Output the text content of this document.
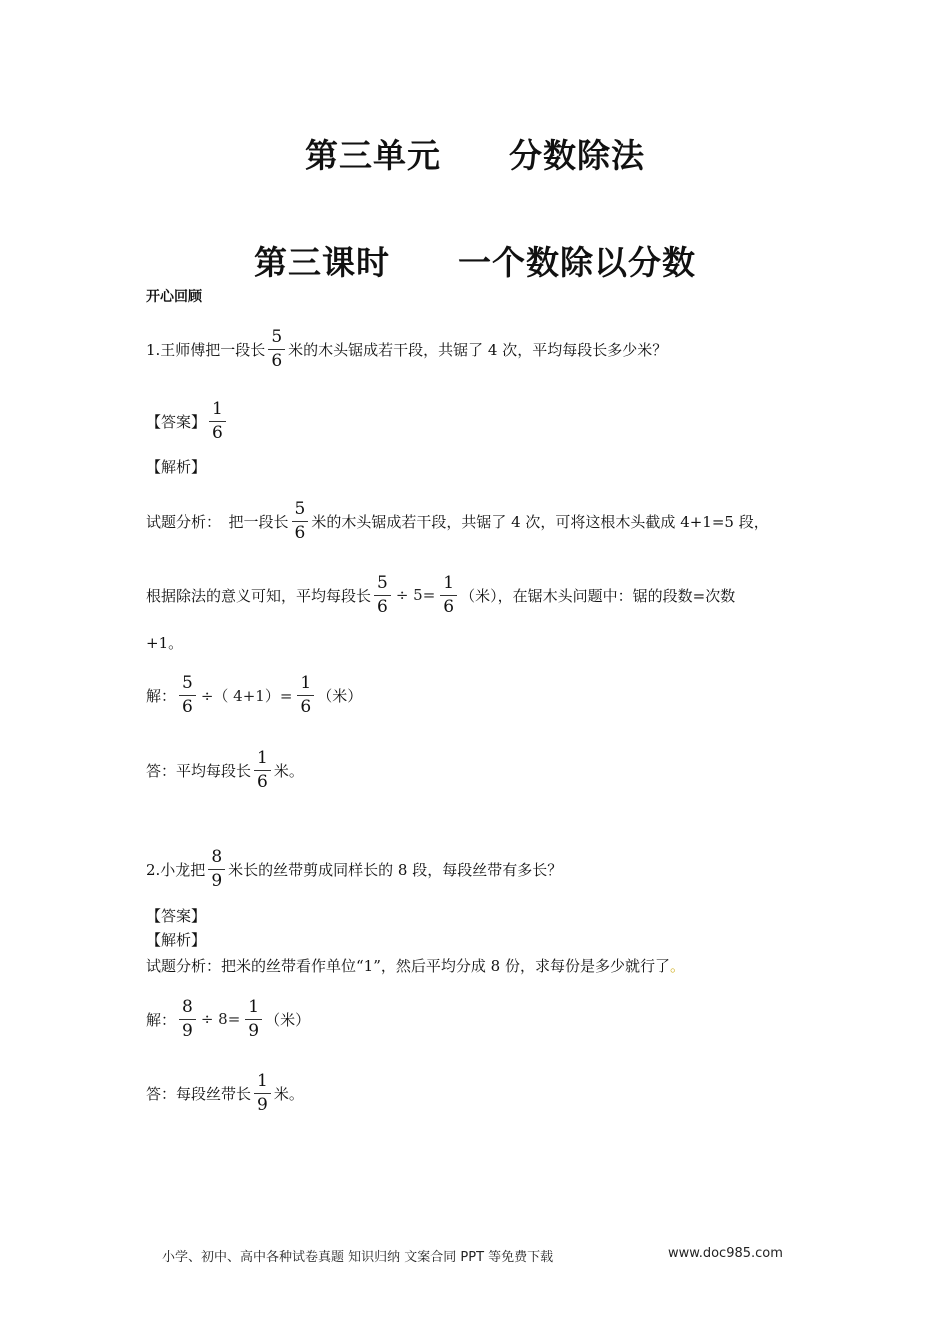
第三单元　　分数除法
第三课时　　一个数除以分数
开心回顾
1.王师傅把一段长 $\frac{5}{6}$ 米的木头锯成若干段，共锯了 4 次，平均每段长多少米？
【答案】 $\frac{1}{6}$
【解析】
试题分析：　把一段长 $\frac{5}{6}$ 米的木头锯成若干段，共锯了 4 次，可将这根木头截成 4+1=5 段，
根据除法的意义可知，平均每段长 $\frac{5}{6} \div 5= \frac{1}{6}$ （米），在锯木头问题中：锯的段数=次数
+1。
解： $\frac{5}{6}$ ÷（ $4+1)= \frac{1}{6}$ （米）
答：平均每段长 $\frac{1}{6}$ 米。
2.小龙把 $\frac{8}{9}$ 米长的丝带剪成同样长的 8 段，每段丝带有多长？
【答案】
【解析】
试题分析：把米的丝带看作单位“1”，然后平均分成 8 份，求每份是多少就行了 。
解： $\frac{8}{9} \div 8= \frac{1}{9}$ （米）
答：每段丝带 长 $\frac{1}{9}$ 米。
小学、初中、高中各种试卷真题 知识归纳 文案合同 PPT 等免费下载	www.doc985.com
